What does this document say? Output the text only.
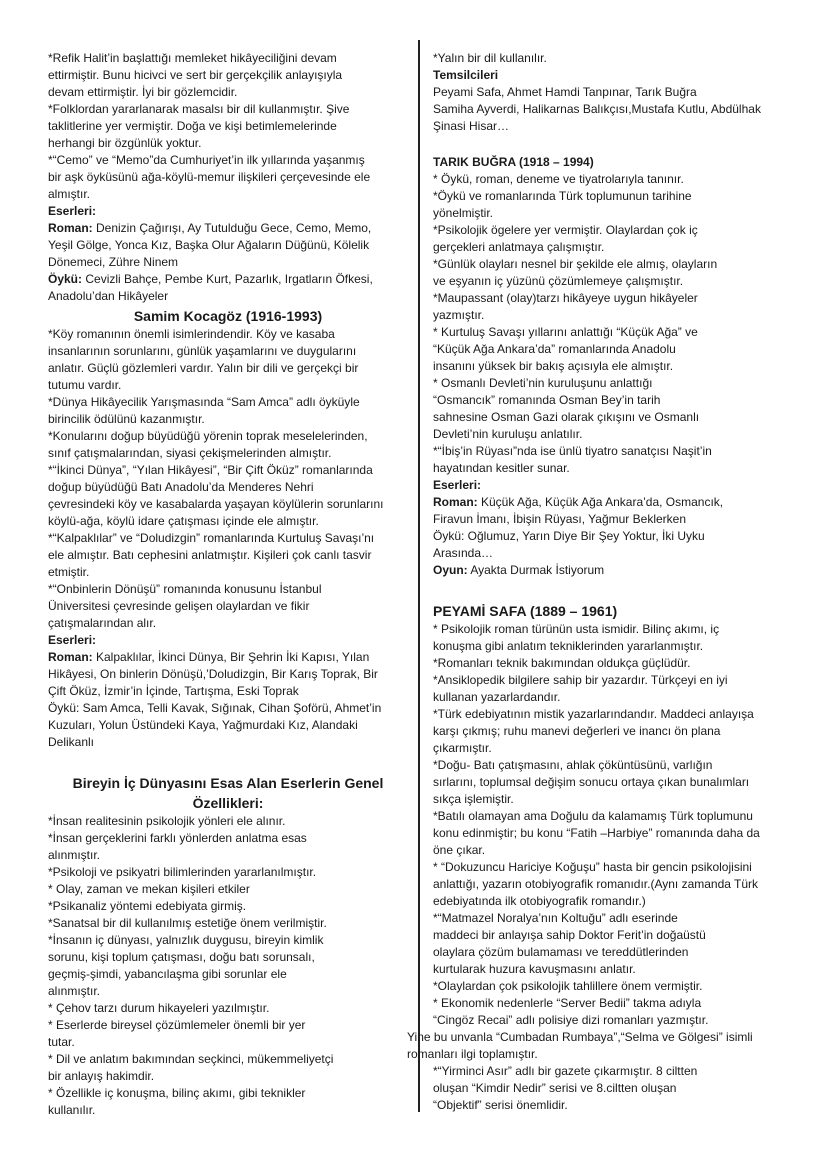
*Refik Halit’in başlattığı memleket hikâyeciliğini devam
ettirmiştir. Bunu hicivci ve sert bir gerçekçilik anlayışıyla
devam ettirmiştir. İyi bir gözlemcidir.

*Folklordan yararlanarak masalsı bir dil kullanmıştır. Şive
taklitlerine yer vermiştir. Doğa ve kişi betimlemelerinde
herhangi bir özgünlük yoktur.

*“Cemo” ve “Memo”da Cumhuriyet’in ilk yıllarında yaşanmış
bir aşk öyküsünü ağa-köylü-memur ilişkileri çerçevesinde ele
almıştır.

Eserleri:

Roman: Denizin Çağırışı, Ay Tutulduğu Gece, Cemo, Memo,
Yeşil Gölge, Yonca Kız, Başka Olur Ağaların Düğünü, Kölelik
Dönemeci, Zühre Ninem

Öykü: Cevizli Bahçe, Pembe Kurt, Pazarlık, Irgatların Öfkesi,
Anadolu’dan Hikâyeler

Samim Kocagöz (1916-1993)

*Köy romanının önemli isimlerindendir. Köy ve kasaba
insanlarının sorunlarını, günlük yaşamlarını ve duygularını
anlatır. Güçlü gözlemleri vardır. Yalın bir dili ve gerçekçi bir
tutumu vardır.

*Dünya Hikâyecilik Yarışmasında “Sam Amca” adlı öyküyle
birincilik ödülünü kazanmıştır.

*Konularını doğup büyüdüğü yörenin toprak meselelerinden,
sınıf çatışmalarından, siyasi çekişmelerinden almıştır.

*“İkinci Dünya”, “Yılan Hikâyesi”, “Bir Çift Öküz” romanlarında
doğup büyüdüğü Batı Anadolu’da Menderes Nehri
çevresindeki köy ve kasabalarda yaşayan köylülerin sorunlarını
köylü-ağa, köylü idare çatışması içinde ele almıştır.

*“Kalpaklılar” ve “Doludizgin” romanlarında Kurtuluş Savaşı’nı
ele almıştır. Batı cephesini anlatmıştır. Kişileri çok canlı tasvir
etmiştir.

*“Onbinlerin Dönüşü” romanında konusunu İstanbul
Üniversitesi çevresinde gelişen olaylardan ve fikir
çatışmalarından alır.

Eserleri:

Roman: Kalpaklılar, İkinci Dünya, Bir Şehrin İki Kapısı, Yılan
Hikâyesi, On binlerin Dönüşü,’Doludizgin, Bir Karış Toprak, Bir
Çift Öküz, İzmir’in İçinde, Tartışma, Eski Toprak

Öykü: Sam Amca, Telli Kavak, Sığınak, Cihan Şoförü, Ahmet’in
Kuzuları, Yolun Üstündeki Kaya, Yağmurdaki Kız, Alandaki
Delikanlı

Bireyin İç Dünyasını Esas Alan Eserlerin Genel
Özellikleri:

*İnsan realitesinin psikolojik yönleri ele alınır.

*İnsan gerçeklerini farklı yönlerden anlatma esas
alınmıştır.

*Psikoloji ve psikyatri bilimlerinden yararlanılmıştır.

* Olay, zaman ve mekan kişileri etkiler

*Psikanaliz yöntemi edebiyata girmiş.

*Sanatsal bir dil kullanılmış estetiğe önem verilmiştir.

*İnsanın iç dünyası, yalnızlık duygusu, bireyin kimlik
sorunu, kişi toplum çatışması, doğu batı sorunsalı,
geçmiş-şimdi, yabancılaşma gibi sorunlar ele
alınmıştır.

* Çehov tarzı durum hikayeleri yazılmıştır.

* Eserlerde bireysel çözümlemeler önemli bir yer
tutar.

* Dil ve anlatım bakımından seçkinci, mükemmeliyetçi
bir anlayış hakimdir.

* Özellikle iç konuşma, bilinç akımı, gibi teknikler
kullanılır.

*Yalın bir dil kullanılır.

Temsilcileri

Peyami Safa, Ahmet Hamdi Tanpınar, Tarık Buğra
Samiha Ayverdi, Halikarnas Balıkçısı,Mustafa Kutlu, Abdülhak
Şinasi Hisar…

TARIK BUĞRA (1918 – 1994)

* Öykü, roman, deneme ve tiyatrolarıyla tanınır.

*Öykü ve romanlarında Türk toplumunun tarihine
yönelmiştir.

*Psikolojik ögelere yer vermiştir. Olaylardan çok iç
gerçekleri anlatmaya çalışmıştır.

*Günlük olayları nesnel bir şekilde ele almış, olayların
ve eşyanın iç yüzünü çözümlemeye çalışmıştır.

*Maupassant (olay)tarzı hikâyeye uygun hikâyeler
yazmıştır.

* Kurtuluş Savaşı yıllarını anlattığı “Küçük Ağa” ve
“Küçük Ağa Ankara’da” romanlarında Anadolu
insanını yüksek bir bakış açısıyla ele almıştır.

* Osmanlı Devleti’nin kuruluşunu anlattığı
“Osmancık” romanında Osman Bey’in tarih
sahnesine Osman Gazi olarak çıkışını ve Osmanlı
Devleti’nin kuruluşu anlatılır.

*“İbiş’in Rüyası”nda ise ünlü tiyatro sanatçısı Naşit’in
hayatından kesitler sunar.

Eserleri:

Roman: Küçük Ağa, Küçük Ağa Ankara’da, Osmancık,
Firavun İmanı, İbişin Rüyası, Yağmur Beklerken

Öykü: Oğlumuz, Yarın Diye Bir Şey Yoktur, İki Uyku
Arasında…

Oyun: Ayakta Durmak İstiyorum

PEYAMİ SAFA (1889 – 1961)

* Psikolojik roman türünün usta ismidir. Bilinç akımı, iç
konuşma gibi anlatım tekniklerinden yararlanmıştır.

*Romanları teknik bakımından oldukça güçlüdür.

*Ansiklopedik bilgilere sahip bir yazardır. Türkçeyi en iyi
kullanan yazarlardandır.

*Türk edebiyatının mistik yazarlarındandır. Maddeci anlayışa
karşı çıkmış; ruhu manevi değerleri ve inancı ön plana
çıkarmıştır.

*Doğu- Batı çatışmasını, ahlak çöküntüsünü, varlığın
sırlarını, toplumsal değişim sonucu ortaya çıkan bunalımları
sıkça işlemiştir.

*Batılı olamayan ama Doğulu da kalamamış Türk toplumunu
konu edinmiştir; bu konu “Fatih –Harbiye” romanında daha da
öne çıkar.

* “Dokuzuncu Hariciye Koğuşu” hasta bir gencin psikolojisini
anlattığı, yazarın otobiyografik romanıdır.(Aynı zamanda Türk
edebiyatında ilk otobiyografik romandır.)

*“Matmazel Noralya’nın Koltuğu” adlı eserinde
maddeci bir anlayışa sahip Doktor Ferit’in doğaüstü
olaylara çözüm bulamaması ve tereddütlerinden
kurtularak huzura kavuşmasını anlatır.

*Olaylardan çok psikolojik tahlillere önem vermiştir.

* Ekonomik nedenlerle “Server Bedii” takma adıyla
“Cingöz Recai” adlı polisiye dizi romanları yazmıştır.

Yine bu unvanla “Cumbadan Rumbaya”,“Selma ve Gölgesi” isimli
romanları ilgi toplamıştır.

*“Yirminci Asır” adlı bir gazete çıkarmıştır. 8 ciltten
oluşan “Kimdir Nedir” serisi ve 8.ciltten oluşan
“Objektif” serisi önemlidir.
